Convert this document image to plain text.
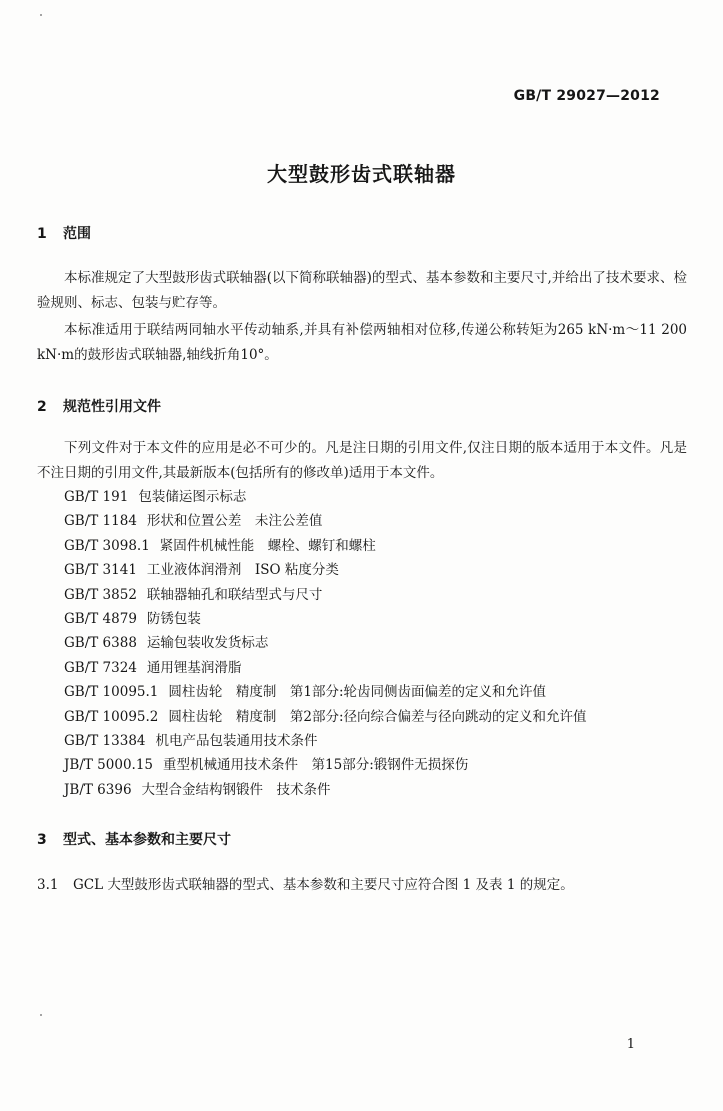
GB/T 29027—2012
大型鼓形齿式联轴器
1 范围

本标准规定了大型鼓形齿式联轴器(以下简称联轴器)的型式、基本参数和主要尺寸,并给出了技术要求、检验规则、标志、包装与贮存等。

本标准适用于联结两同轴水平传动轴系,并具有补偿两轴相对位移,传递公称转矩为265 kN·m～11 200 kN·m的鼓形齿式联轴器,轴线折角10°。

2 规范性引用文件

下列文件对于本文件的应用是必不可少的。凡是注日期的引用文件,仅注日期的版本适用于本文件。凡是不注日期的引用文件,其最新版本(包括所有的修改单)适用于本文件。

GB/T 191 包装储运图示标志
GB/T 1184 形状和位置公差　未注公差值
GB/T 3098.1 紧固件机械性能　螺栓、螺钉和螺柱
GB/T 3141 工业液体润滑剂　ISO 粘度分类
GB/T 3852 联轴器轴孔和联结型式与尺寸
GB/T 4879 防锈包装
GB/T 6388 运输包装收发货标志
GB/T 7324 通用锂基润滑脂
GB/T 10095.1 圆柱齿轮　精度制　第1部分:轮齿同侧齿面偏差的定义和允许值
GB/T 10095.2 圆柱齿轮　精度制　第2部分:径向综合偏差与径向跳动的定义和允许值
GB/T 13384 机电产品包装通用技术条件
JB/T 5000.15 重型机械通用技术条件　第15部分:锻钢件无损探伤
JB/T 6396 大型合金结构钢锻件　技术条件
3 型式、基本参数和主要尺寸
3.1 GCL 大型鼓形齿式联轴器的型式、基本参数和主要尺寸应符合图 1 及表 1 的规定。
1
